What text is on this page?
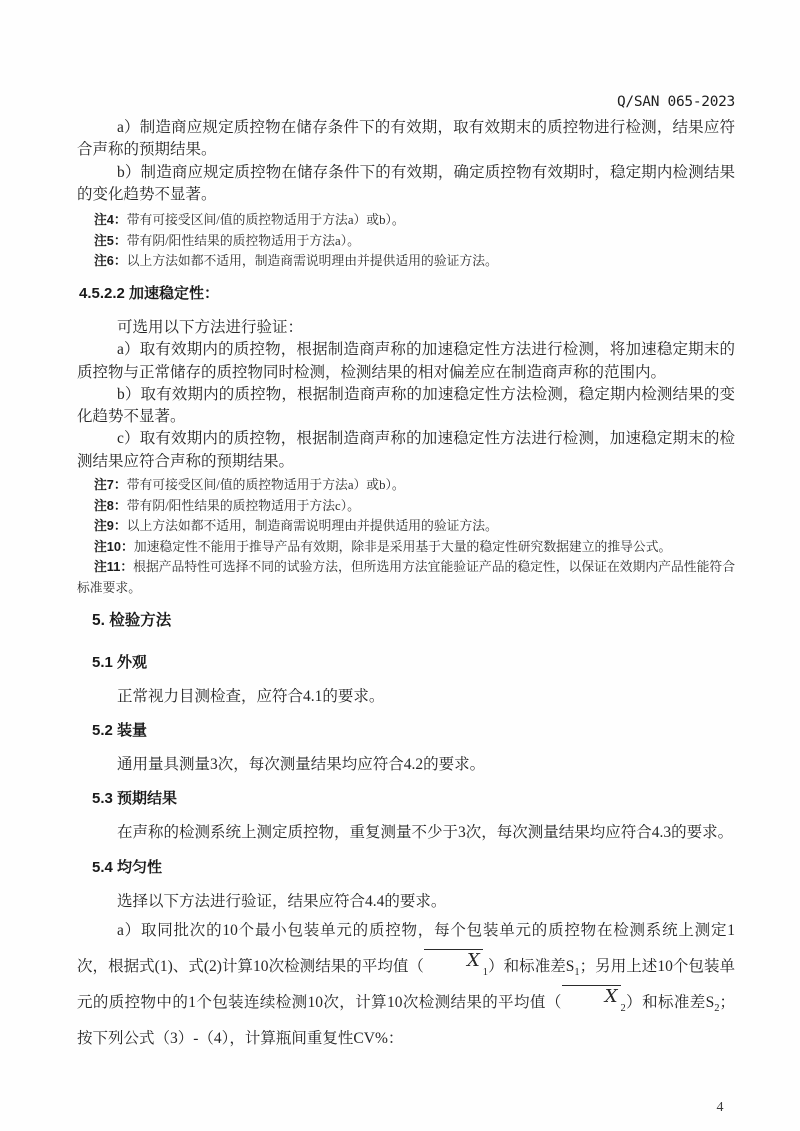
Q/SAN 065-2023

a）制造商应规定质控物在储存条件下的有效期，取有效期末的质控物进行检测，结果应符合声称的预期结果。

b）制造商应规定质控物在储存条件下的有效期，确定质控物有效期时，稳定期内检测结果的变化趋势不显著。

注4：带有可接受区间/值的质控物适用于方法a）或b）。

注5：带有阴/阳性结果的质控物适用于方法a）。

注6：以上方法如都不适用，制造商需说明理由并提供适用的验证方法。

4.5.2.2 加速稳定性：

可选用以下方法进行验证：

a）取有效期内的质控物，根据制造商声称的加速稳定性方法进行检测，将加速稳定期末的质控物与正常储存的质控物同时检测，检测结果的相对偏差应在制造商声称的范围内。

b）取有效期内的质控物，根据制造商声称的加速稳定性方法检测，稳定期内检测结果的变化趋势不显著。

c）取有效期内的质控物，根据制造商声称的加速稳定性方法进行检测，加速稳定期末的检测结果应符合声称的预期结果。

注7：带有可接受区间/值的质控物适用于方法a）或b）。

注8：带有阴/阳性结果的质控物适用于方法c）。

注9：以上方法如都不适用，制造商需说明理由并提供适用的验证方法。

注10：加速稳定性不能用于推导产品有效期，除非是采用基于大量的稳定性研究数据建立的推导公式。

注11：根据产品特性可选择不同的试验方法，但所选用方法宜能验证产品的稳定性，以保证在效期内产品性能符合标准要求。

5. 检验方法
5.1 外观

正常视力目测检查，应符合4.1的要求。

5.2 装量

通用量具测量3次，每次测量结果均应符合4.2的要求。

5.3 预期结果

在声称的检测系统上测定质控物，重复测量不少于3次，每次测量结果均应符合4.3的要求。

5.4 均匀性

选择以下方法进行验证，结果应符合4.4的要求。

a）取同批次的10个最小包装单元的质控物，每个包装单元的质控物在检测系统上测定1次，根据式(1)、式(2)计算10次检测结果的平均值（ $X_1$）和标准差$S_1$；另用上述10个包装单元的质控物中的1个包装连续检测10次，计算10次检测结果的平均值（ $X_2$）和标准差$S_2$；按下列公式（3）-（4），计算瓶间重复性CV%：

4
